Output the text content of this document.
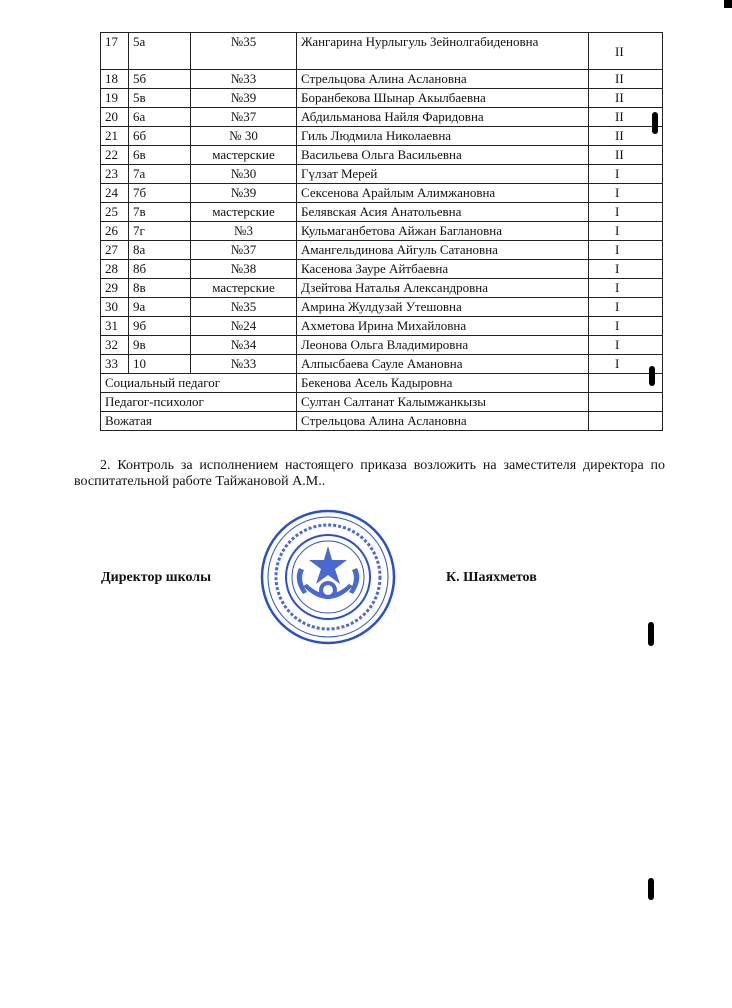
17	5а	№35	Жангарина Нурлыгуль Зейнолгабиденовна	II
18	5б	№33	Стрельцова Алина Аслановна	II
19	5в	№39	Боранбекова Шынар Акылбаевна	II
20	6а	№37	Абдильманова Найля Фаридовна	II
21	6б	№ 30	Гиль Людмила Николаевна	II
22	6в	мастерские	Васильева Ольга Васильевна	II
23	7а	№30	Гүлзат Мерей	I
24	7б	№39	Сексенова Арайлым Алимжановна	I
25	7в	мастерские	Белявская Асия Анатольевна	I
26	7г	№3	Кульмаганбетова Айжан Баглановна	I
27	8а	№37	Амангельдинова Айгуль Сатановна	I
28	8б	№38	Касенова Зауре Айтбаевна	I
29	8в	мастерские	Дзейтова Наталья Александровна	I
30	9а	№35	Амрина Жулдузай Утешовна	I
31	9б	№24	Ахметова Ирина Михайловна	I
32	9в	№34	Леонова Ольга Владимировна	I
33	10	№33	Алпысбаева Сауле Амановна	I
Социальный педагог			Бекенова Асель Кадыровна	
Педагог-психолог			Султан Салтанат Калымжанкызы	
Вожатая			Стрельцова Алина Аслановна	

2. Контроль за исполнением настоящего приказа возложить на заместителя директора по воспитательной работе Тайжановой А.М..

Директор школы	К. Шаяхметов
